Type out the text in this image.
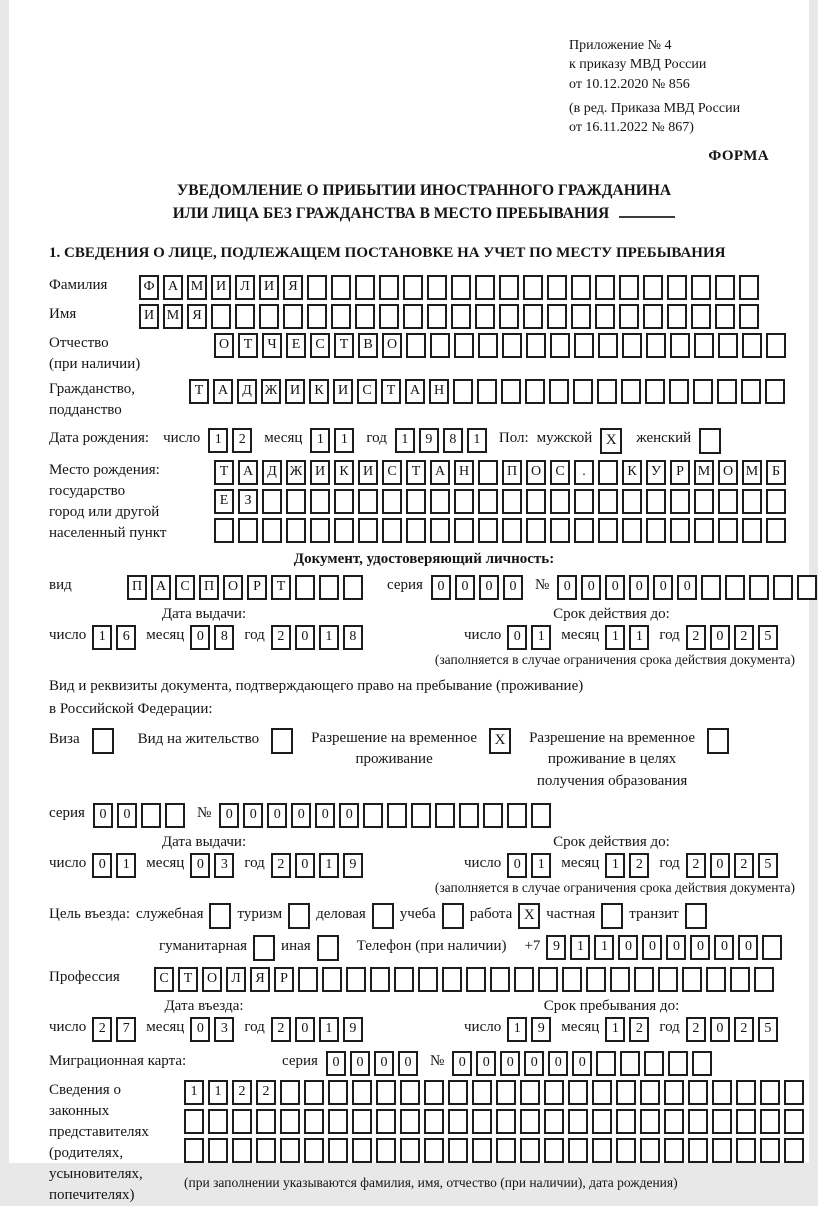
Приложение № 4
к приказу МВД России
от 10.12.2020 № 856
(в ред. Приказа МВД России
от 16.11.2022 № 867)
ФОРМА
УВЕДОМЛЕНИЕ О ПРИБЫТИИ ИНОСТРАННОГО ГРАЖДАНИНА
ИЛИ ЛИЦА БЕЗ ГРАЖДАНСТВА В МЕСТО ПРЕБЫВАНИЯ
1. СВЕДЕНИЯ О ЛИЦЕ, ПОДЛЕЖАЩЕМ ПОСТАНОВКЕ НА УЧЕТ ПО МЕСТУ ПРЕБЫВАНИЯ
Фамилия	Ф А М И Л И Я
Имя	И М Я
Отчество
(при наличии)
О Т Ч Е С Т В О
Гражданство,
подданство
Т А Д Ж И К И С Т А Н
Дата рождения: число	1 2	месяц	1 1	год	1 9 8 1	Пол: мужской X	женский
Место рождения:
государство
город или другой
населенный пункт
Т А Д Ж И К И С Т А Н	П О С .	К У Р М О М Б
Е З
Документ, удостоверяющий личность:
вид	П А С П О Р Т	серия	0 0 0 0	№	0 0 0 0 0 0
Дата выдачи:
число 1 6	месяц 0 8	год 2 0 1 8
Срок действия до:
число 0 1	месяц 1 1	год 2 0 2 5
(заполняется в случае ограничения срока действия документа)
Вид и реквизиты документа, подтверждающего право на пребывание (проживание)
в Российской Федерации:
Виза	Вид на жительство	Разрешение на временное
проживание
X	Разрешение на временное
проживание в целях
получения образования
серия	0 0	№	0 0 0 0 0 0
Дата выдачи:
число 0 1	месяц 0 3	год 2 0 1 9
Срок действия до:
число 0 1	месяц 1 2	год 2 0 2 5
(заполняется в случае ограничения срока действия документа)
Цель въезда: служебная туризм деловая учеба работа X частная транзит
гуманитарная иная	Телефон (при наличии) +7 9 1 1 0 0 0 0 0 0
Профессия	С Т О Л Я Р
Дата въезда:
число 2 7	месяц 0 3	год 2 0 1 9
Срок пребывания до:
число 1 9	месяц 1 2	год 2 0 2 5
Миграционная карта:	серия	0 0 0 0	№	0 0 0 0 0 0
Сведения о
законных
представителях
(родителях,
усыновителях,
попечителях)
1 1 2 2
(при заполнении указываются фамилия, имя, отчество (при наличии), дата рождения)
